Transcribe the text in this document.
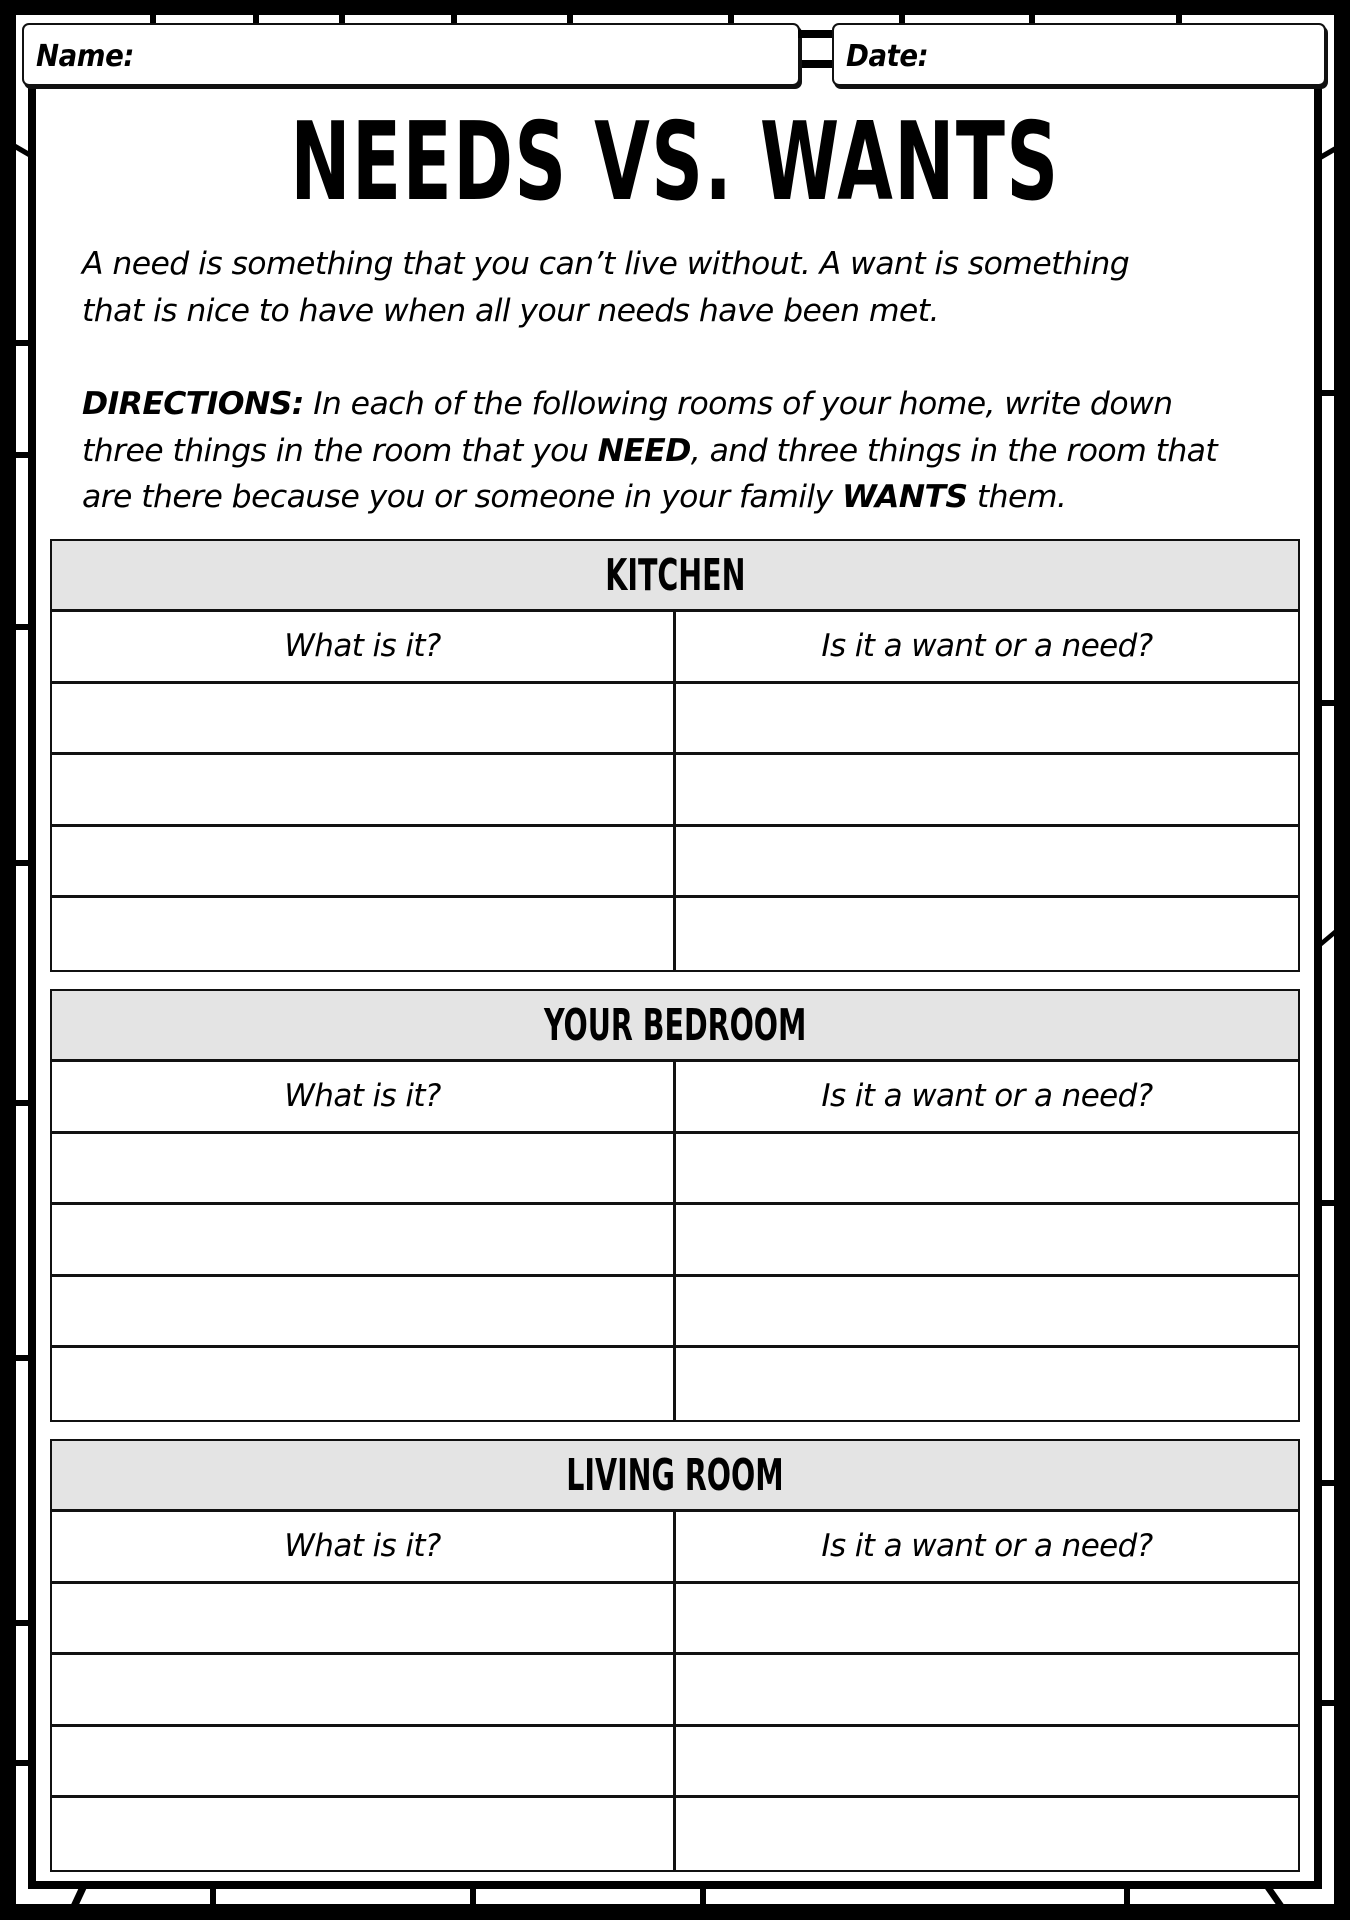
Name:	Date:
NEEDS VS. WANTS
A need is something that you can’t live without. A want is something
that is nice to have when all your needs have been met.
DIRECTIONS: In each of the following rooms of your home, write down
three things in the room that you NEED, and three things in the room that
are there because you or someone in your family WANTS them.
KITCHEN
What is it?	Is it a want or a need?
YOUR BEDROOM
What is it?	Is it a want or a need?
LIVING ROOM
What is it?	Is it a want or a need?
